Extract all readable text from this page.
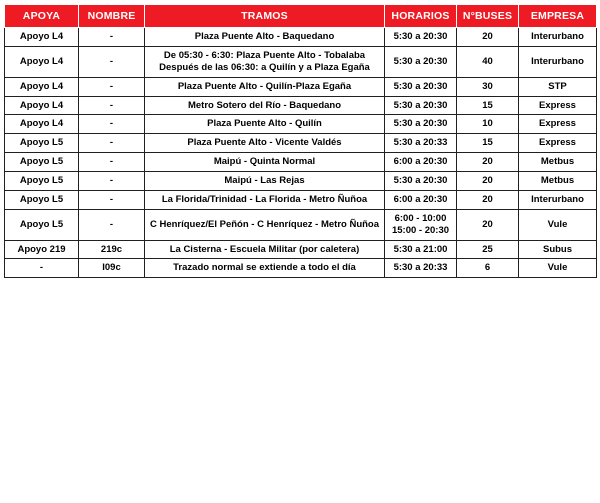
APOYA	NOMBRE	TRAMOS	HORARIOS	N°BUSES	EMPRESA
Apoyo L4	-	Plaza Puente Alto - Baquedano	5:30 a 20:30	20	Interurbano
Apoyo L4	-	De 05:30 - 6:30: Plaza Puente Alto - Tobalaba Después de las 06:30: a Quilín y a Plaza Egaña	5:30 a 20:30	40	Interurbano
Apoyo L4	-	Plaza Puente Alto - Quilín-Plaza Egaña	5:30 a 20:30	30	STP
Apoyo L4	-	Metro Sotero del Río - Baquedano	5:30 a 20:30	15	Express
Apoyo L4	-	Plaza Puente Alto - Quilín	5:30 a 20:30	10	Express
Apoyo L5	-	Plaza Puente Alto - Vicente Valdés	5:30 a 20:33	15	Express
Apoyo L5	-	Maipú - Quinta Normal	6:00 a 20:30	20	Metbus
Apoyo L5	-	Maipú - Las Rejas	5:30 a 20:30	20	Metbus
Apoyo L5	-	La Florida/Trinidad - La Florida - Metro Ñuñoa	6:00 a 20:30	20	Interurbano
Apoyo L5	-	C Henríquez/El Peñón - C Henríquez - Metro Ñuñoa	6:00 - 10:00 15:00 - 20:30	20	Vule
Apoyo 219	219c	La Cisterna - Escuela Militar (por caletera)	5:30 a 21:00	25	Subus
-	I09c	Trazado normal se extiende a todo el día	5:30 a 20:33	6	Vule
